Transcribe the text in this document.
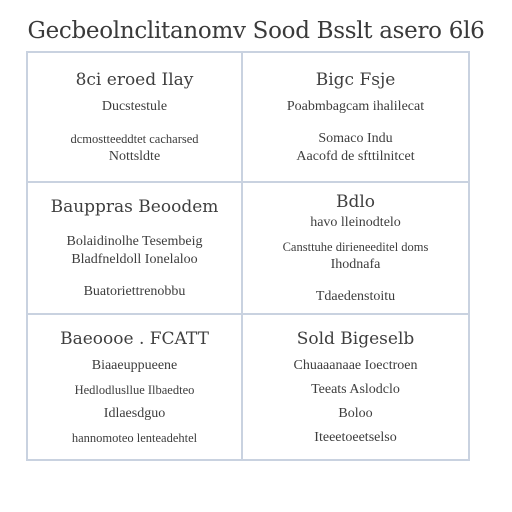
Gecbeolnclitanomv Sood Bsslt asero 6l6
8ci eroed Ilay
Ducstestule
dcmostteeddtet cacharsed
Nottsldte
Bigc Fsje
Poabmbagcam ihalilecat
Somaco Indu
Aacofd de sfttilnitcet
Bauppras Beoodem
Bolaidinolhe Tesembeig
Bladfneldoll Ionelaloo
Buatoriettrenobbu
Bdlo
havo lleinodtelo
Cansttuhe dirieneeditel doms
Ihodnafa
Tdaedenstoitu
Baeoooe . FCATT
Biaaeuppueene
Hedlodlusllue Ilbaedteo
Idlaesdguo
hannomoteo lenteadehtel
Sold Bigeselb
Chuaaanaae Ioectroen
Teeats Aslodclo
Boloo
Iteeetoeetselso
